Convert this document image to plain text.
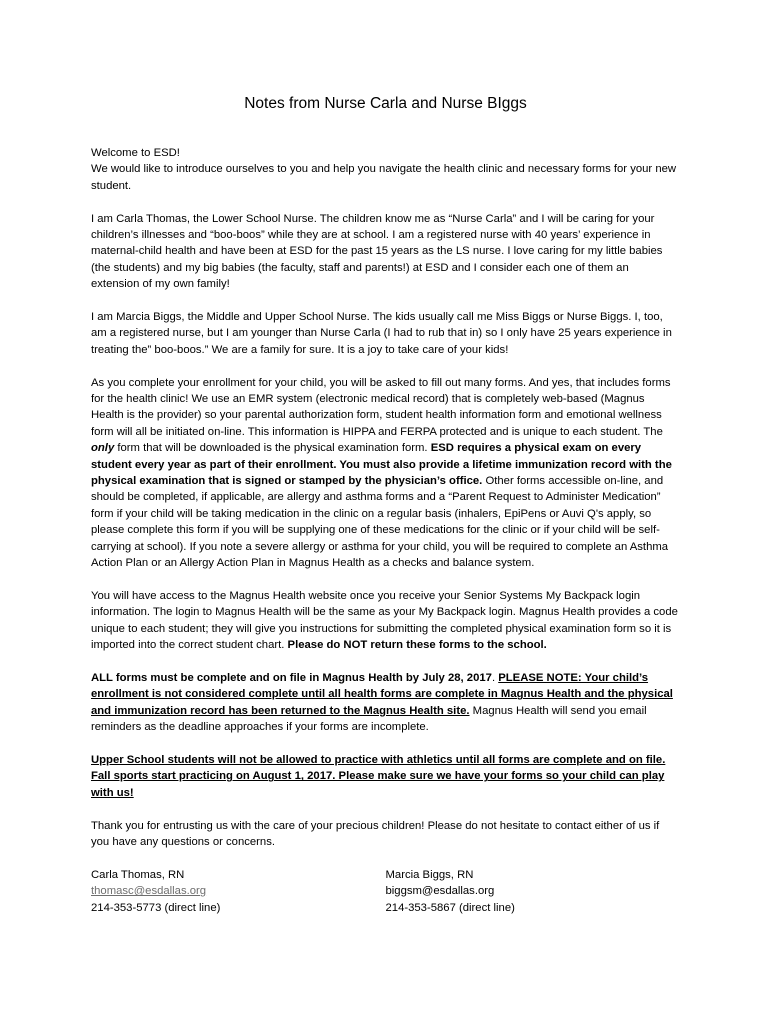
Notes from Nurse Carla and Nurse BIggs

Welcome to ESD!

We would like to introduce ourselves to you and help you navigate the health clinic and necessary forms for your new student.

I am Carla Thomas, the Lower School Nurse. The children know me as “Nurse Carla” and I will be caring for your children’s illnesses and “boo-boos” while they are at school. I am a registered nurse with 40 years’ experience in maternal-child health and have been at ESD for the past 15 years as the LS nurse. I love caring for my little babies (the students) and my big babies (the faculty, staff and parents!) at ESD and I consider each one of them an extension of my own family!

I am Marcia Biggs, the Middle and Upper School Nurse. The kids usually call me Miss Biggs or Nurse Biggs. I, too, am a registered nurse, but I am younger than Nurse Carla (I had to rub that in) so I only have 25 years experience in treating the” boo-boos.” We are a family for sure. It is a joy to take care of your kids!

As you complete your enrollment for your child, you will be asked to fill out many forms. And yes, that includes forms for the health clinic! We use an EMR system (electronic medical record) that is completely web-based (Magnus Health is the provider) so your parental authorization form, student health information form and emotional wellness form will all be initiated on-line. This information is HIPPA and FERPA protected and is unique to each student. The only form that will be downloaded is the physical examination form. ESD requires a physical exam on every student every year as part of their enrollment. You must also provide a lifetime immunization record with the physical examination that is signed or stamped by the physician’s office. Other forms accessible on-line, and should be completed, if applicable, are allergy and asthma forms and a “Parent Request to Administer Medication” form if your child will be taking medication in the clinic on a regular basis (inhalers, EpiPens or Auvi Q's apply, so please complete this form if you will be supplying one of these medications for the clinic or if your child will be self-carrying at school). If you note a severe allergy or asthma for your child, you will be required to complete an Asthma Action Plan or an Allergy Action Plan in Magnus Health as a checks and balance system.

You will have access to the Magnus Health website once you receive your Senior Systems My Backpack login information. The login to Magnus Health will be the same as your My Backpack login. Magnus Health provides a code unique to each student; they will give you instructions for submitting the completed physical examination form so it is imported into the correct student chart. Please do NOT return these forms to the school.

ALL forms must be complete and on file in Magnus Health by July 28, 2017. PLEASE NOTE: Your child’s enrollment is not considered complete until all health forms are complete in Magnus Health and the physical and immunization record has been returned to the Magnus Health site. Magnus Health will send you email reminders as the deadline approaches if your forms are incomplete.

Upper School students will not be allowed to practice with athletics until all forms are complete and on file. Fall sports start practicing on August 1, 2017. Please make sure we have your forms so your child can play with us!

Thank you for entrusting us with the care of your precious children! Please do not hesitate to contact either of us if you have any questions or concerns.

Carla Thomas, RN
thomasc@esdallas.org
214-353-5773 (direct line)
Marcia Biggs, RN
biggsm@esdallas.org
214-353-5867 (direct line)
